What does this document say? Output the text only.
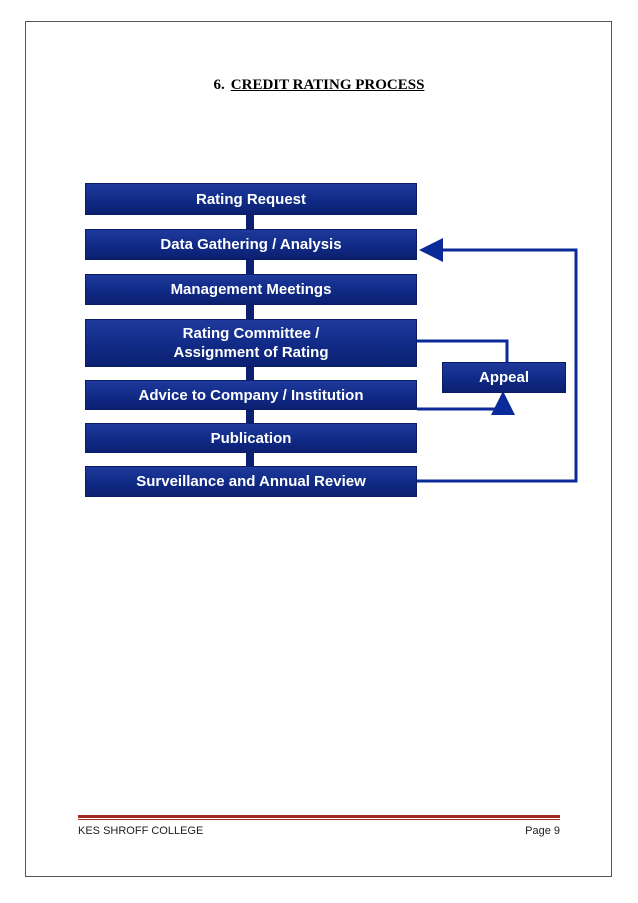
6. CREDIT RATING PROCESS
Rating Request
Data Gathering / Analysis
Management Meetings
Rating Committee /
Assignment of Rating
Advice to Company / Institution
Publication
Surveillance and Annual Review
Appeal
KES SHROFF COLLEGE	Page 9
